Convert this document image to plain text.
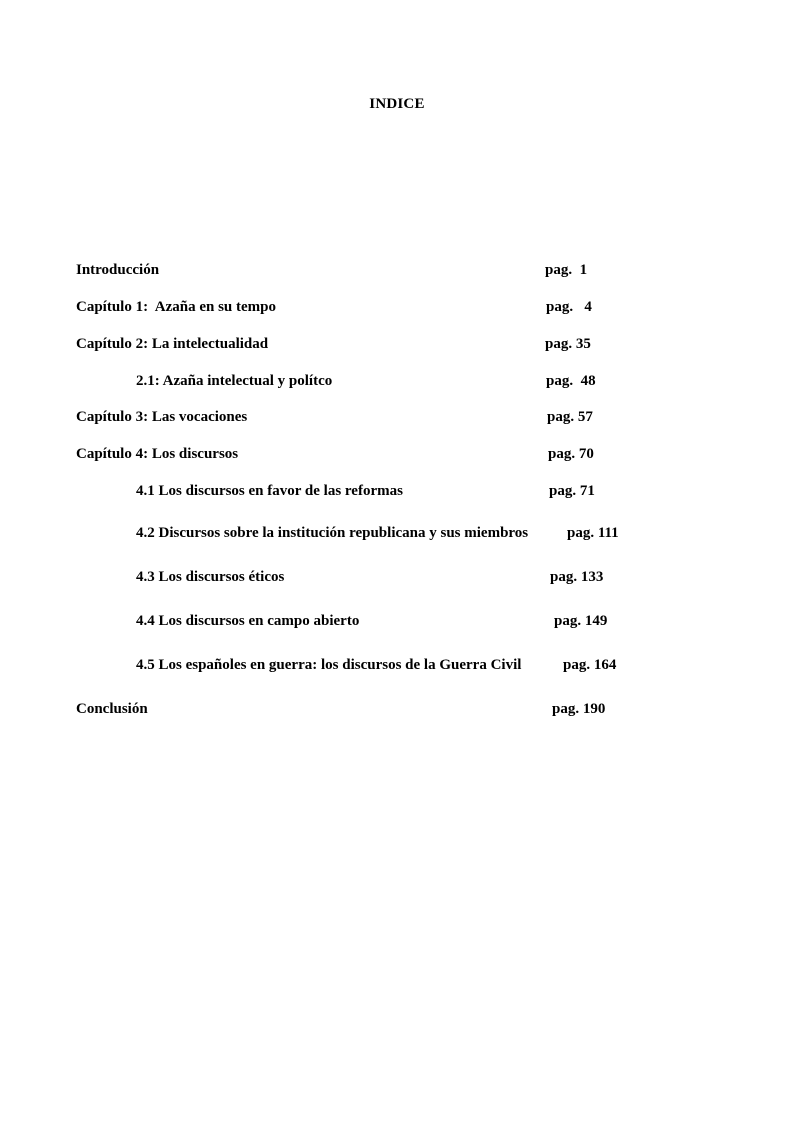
INDICE
Introducción	pag.  1
Capítulo 1:  Azaña en su tempo	pag.   4
Capítulo 2: La intelectualidad	pag. 35
2.1: Azaña intelectual y polítco	pag.  48
Capítulo 3: Las vocaciones	pag. 57
Capítulo 4: Los discursos	pag. 70
4.1 Los discursos en favor de las reformas	pag. 71
4.2 Discursos sobre la institución republicana y sus miembros	pag. 111
4.3 Los discursos éticos	pag. 133
4.4 Los discursos en campo abierto	pag. 149
4.5 Los españoles en guerra: los discursos de la Guerra Civil	pag. 164
Conclusión	pag. 190
